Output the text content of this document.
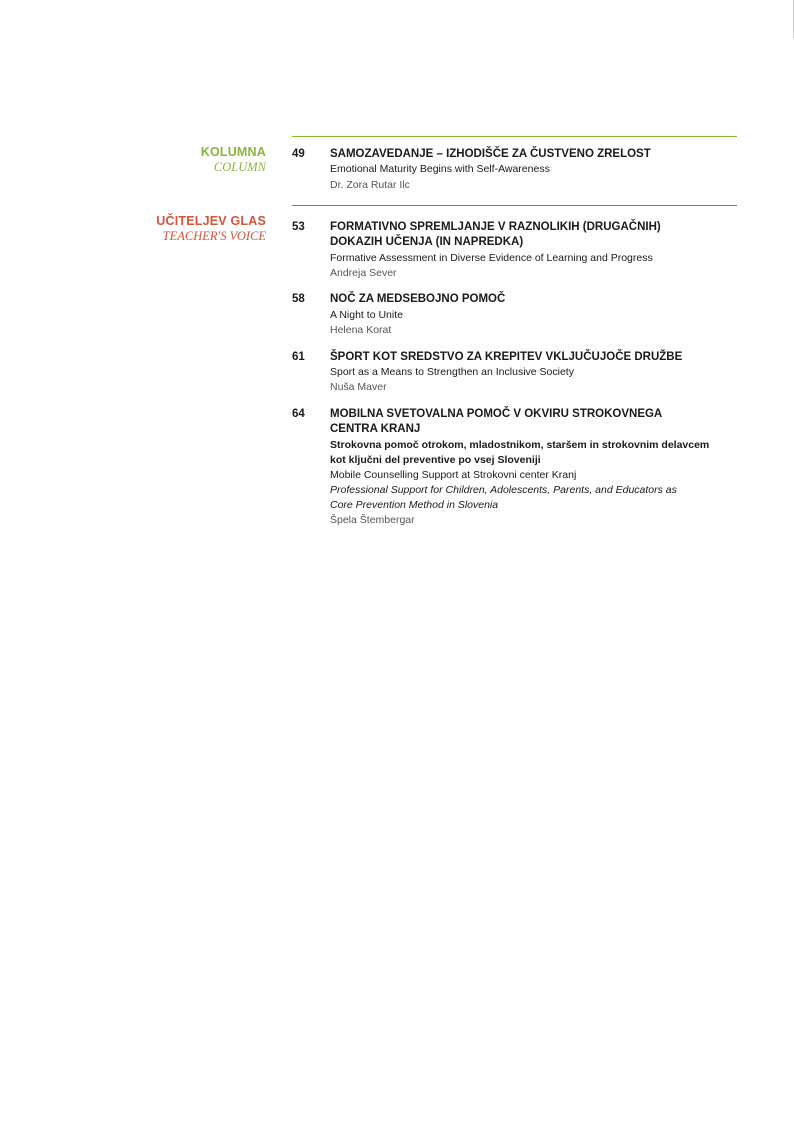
KOLUMNA
COLUMN
49 SAMOZAVEDANJE – IZHODIŠČE ZA ČUSTVENO ZRELOST
Emotional Maturity Begins with Self-Awareness
Dr. Zora Rutar Ilc
UČITELJEV GLAS
TEACHER'S VOICE
53 FORMATIVNO SPREMLJANJE V RAZNOLIKIH (DRUGAČNIH)
DOKAZIH UČENJA (IN NAPREDKA)
Formative Assessment in Diverse Evidence of Learning and Progress
Andreja Sever
58 NOČ ZA MEDSEBOJNO POMOČ
A Night to Unite
Helena Korat
61 ŠPORT KOT SREDSTVO ZA KREPITEV VKLJUČUJOČE DRUŽBE
Sport as a Means to Strengthen an Inclusive Society
Nuša Maver
64 MOBILNA SVETOVALNA POMOČ V OKVIRU STROKOVNEGA
CENTRA KRANJ
Strokovna pomoč otrokom, mladostnikom, staršem in strokovnim delavcem
kot ključni del preventive po vsej Sloveniji
Mobile Counselling Support at Strokovni center Kranj
Professional Support for Children, Adolescents, Parents, and Educators as
Core Prevention Method in Slovenia
Špela Štembergar
